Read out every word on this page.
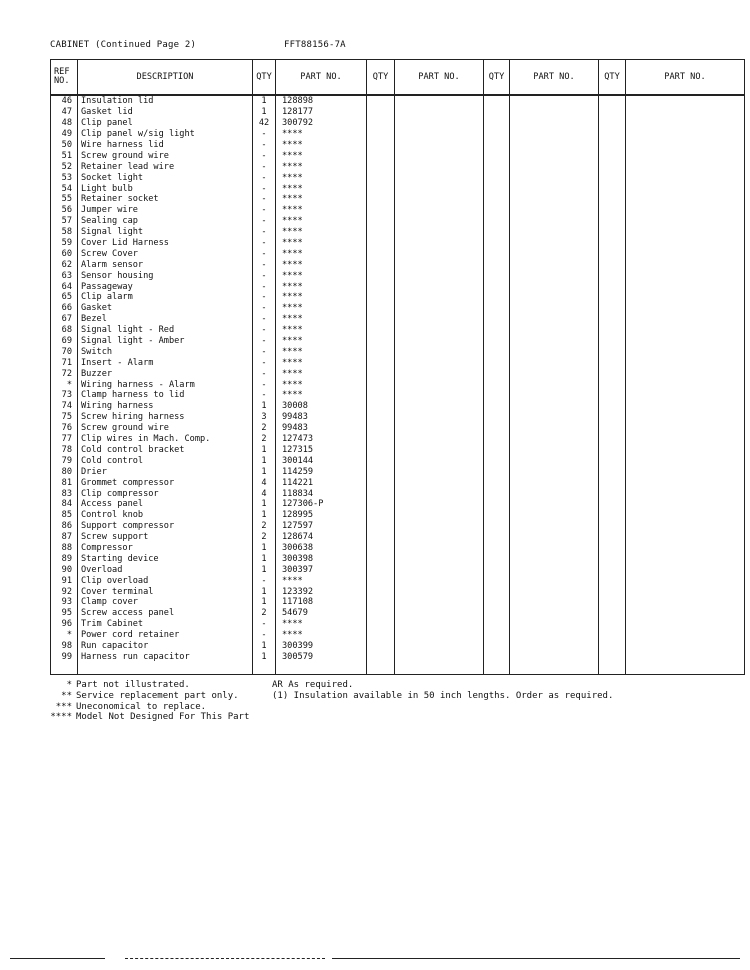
CABINET (Continued Page 2)	FFT88156-7A
REF NO.	DESCRIPTION	QTY	PART NO.	QTY	PART NO.	QTY	PART NO.	QTY	PART NO.
46	Insulation lid	1	128898						
47	Gasket lid	1	128177						
48	Clip panel	42	300792						
49	Clip panel w/sig light	-	****						
50	Wire harness lid	-	****						
51	Screw ground wire	-	****						
52	Retainer lead wire	-	****						
53	Socket light	-	****						
54	Light bulb	-	****						
55	Retainer socket	-	****						
56	Jumper wire	-	****						
57	Sealing cap	-	****						
58	Signal light	-	****						
59	Cover Lid Harness	-	****						
60	Screw Cover	-	****						
62	Alarm sensor	-	****						
63	Sensor housing	-	****						
64	Passageway	-	****						
65	Clip alarm	-	****						
66	Gasket	-	****						
67	Bezel	-	****						
68	Signal light - Red	-	****						
69	Signal light - Amber	-	****						
70	Switch	-	****						
71	Insert - Alarm	-	****						
72	Buzzer	-	****						
*	Wiring harness - Alarm	-	****						
73	Clamp harness to lid	-	****						
74	Wiring harness	1	30008						
75	Screw hiring harness	3	99483						
76	Screw ground wire	2	99483						
77	Clip wires in Mach. Comp.	2	127473						
78	Cold control bracket	1	127315						
79	Cold control	1	300144						
80	Drier	1	114259						
81	Grommet compressor	4	114221						
83	Clip compressor	4	118834						
84	Access panel	1	127306-P						
85	Control knob	1	128995						
86	Support compressor	2	127597						
87	Screw support	2	128674						
88	Compressor	1	300638						
89	Starting device	1	300398						
90	Overload	1	300397						
91	Clip overload	-	****						
92	Cover terminal	1	123392						
93	Clamp cover	1	117108						
95	Screw access panel	2	54679						
96	Trim Cabinet	-	****						
*	Power cord retainer	-	****						
98	Run capacitor	1	300399						
99	Harness run capacitor	1	300579						

* Part not illustrated.
** Service replacement part only.
*** Uneconomical to replace.
**** Model Not Designed For This Part
AR As required.
(1) Insulation available in 50 inch lengths. Order as required.
